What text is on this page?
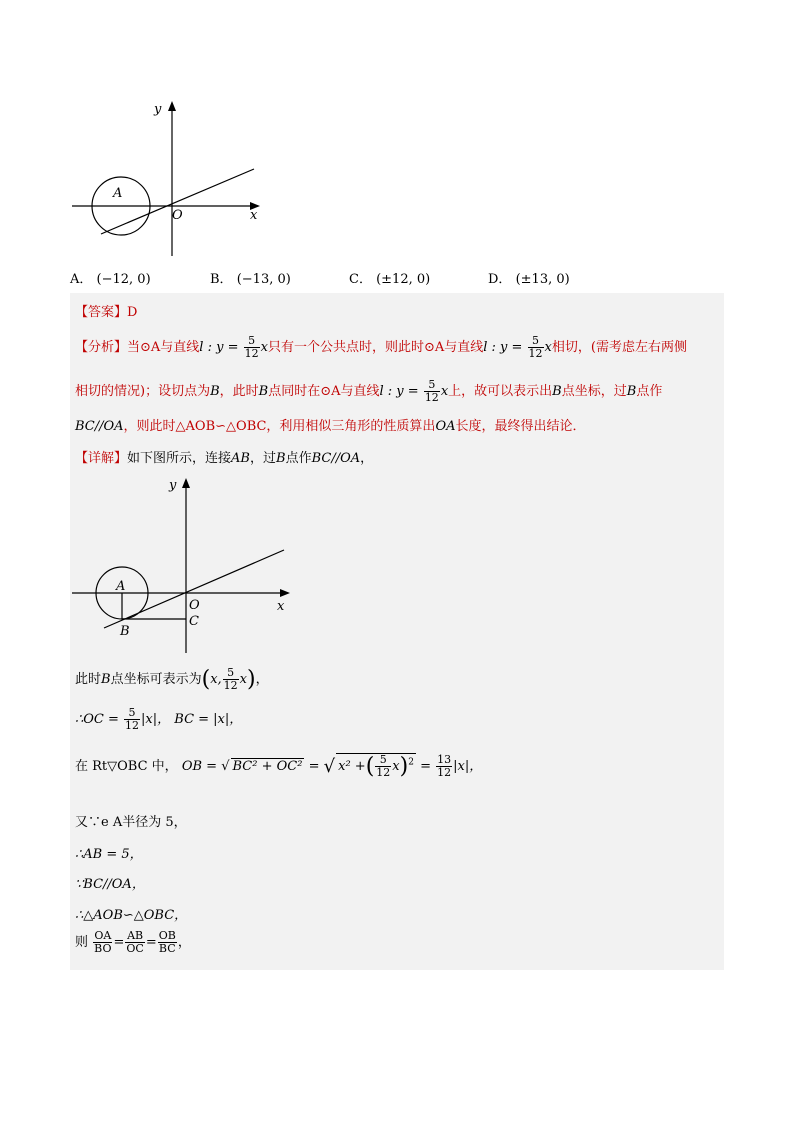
y
x
O
A
A． (−12, 0)	B． (−13, 0)	C． (±12, 0)	D． (±13, 0)
【答案】D
【分析】当⊙A与直线l : $y = \frac{5}{12}$ x只有一个公共点时，则此时⊙A与直线l : $y = \frac{5}{12}$ x相切，(需考虑左右两侧
相切的情况)；设切点为B，此时B点同时在⊙A与直线l : $y = \frac{5}{12}$ x上，故可以表示出B点坐标，过B点作
BC//OA，则此时△AOB∽△OBC，利用相似三角形的性质算出OA长度，最终得出结论．
【详解】如下图所示，连接AB，过B点作BC//OA，
y
x
O
A
B
C
此时B点坐标可表示为(x, $\frac{5}{12} x$)，
∴OC = $\frac{5}{12} |x|$， BC = |x|，
在 Rt▽OBC 中， OB = √ BC² + OC² = √ x² +( $\frac{5}{12} x)^2 = \frac{13}{12} |x|$，
又∵e A半径为 5，
∴AB = 5，
∵BC//OA，
∴△AOB∽△OBC，
则 $\frac{OA}{BO} = \frac{AB}{OC} = \frac{OB}{BC}$ ，
